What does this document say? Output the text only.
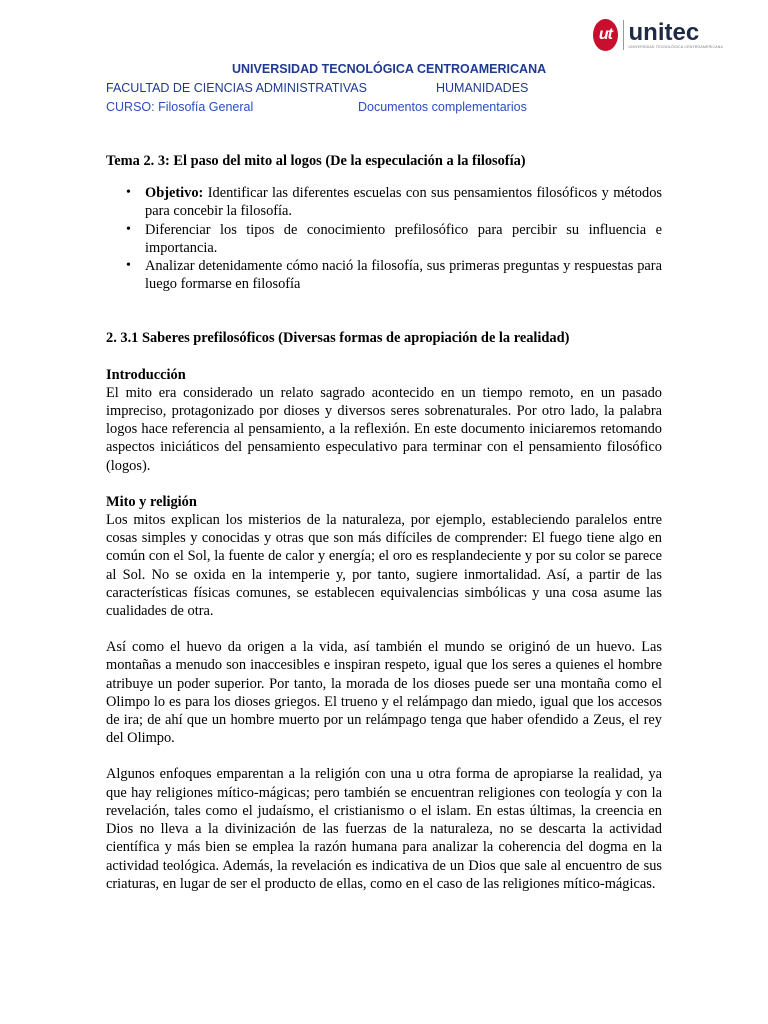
ut unitec
UNIVERSIDAD TECNOLÓGICA CENTROAMERICANA
UNIVERSIDAD TECNOLÓGICA CENTROAMERICANA
FACULTAD DE CIENCIAS ADMINISTRATIVAS	HUMANIDADES
CURSO: Filosofía General	Documentos complementarios

Tema 2. 3: El paso del mito al logos (De la especulación a la filosofía)

• Objetivo: Identificar las diferentes escuelas con sus pensamientos filosóficos y métodos para concebir la filosofía.
• Diferenciar los tipos de conocimiento prefilosófico para percibir su influencia e importancia.
• Analizar detenidamente cómo nació la filosofía, sus primeras preguntas y respuestas para luego formarse en filosofía

2. 3.1 Saberes prefilosóficos (Diversas formas de apropiación de la realidad)

Introducción

El mito era considerado un relato sagrado acontecido en un tiempo remoto, en un pasado impreciso, protagonizado por dioses y diversos seres sobrenaturales. Por otro lado, la palabra logos hace referencia al pensamiento, a la reflexión. En este documento iniciaremos retomando aspectos iniciáticos del pensamiento especulativo para terminar con el pensamiento filosófico (logos).

Mito y religión

Los mitos explican los misterios de la naturaleza, por ejemplo, estableciendo paralelos entre cosas simples y conocidas y otras que son más difíciles de comprender: El fuego tiene algo en común con el Sol, la fuente de calor y energía; el oro es resplandeciente y por su color se parece al Sol. No se oxida en la intemperie y, por tanto, sugiere inmortalidad. Así, a partir de las características físicas comunes, se establecen equivalencias simbólicas y una cosa asume las cualidades de otra.

Así como el huevo da origen a la vida, así también el mundo se originó de un huevo. Las montañas a menudo son inaccesibles e inspiran respeto, igual que los seres a quienes el hombre atribuye un poder superior. Por tanto, la morada de los dioses puede ser una montaña como el Olimpo lo es para los dioses griegos. El trueno y el relámpago dan miedo, igual que los accesos de ira; de ahí que un hombre muerto por un relámpago tenga que haber ofendido a Zeus, el rey del Olimpo.

Algunos enfoques emparentan a la religión con una u otra forma de apropiarse la realidad, ya que hay religiones mítico-mágicas; pero también se encuentran religiones con teología y con la revelación, tales como el judaísmo, el cristianismo o el islam. En estas últimas, la creencia en Dios no lleva a la divinización de las fuerzas de la naturaleza, no se descarta la actividad científica y más bien se emplea la razón humana para analizar la coherencia del dogma en la actividad teológica. Además, la revelación es indicativa de un Dios que sale al encuentro de sus criaturas, en lugar de ser el producto de ellas, como en el caso de las religiones mítico-mágicas.
